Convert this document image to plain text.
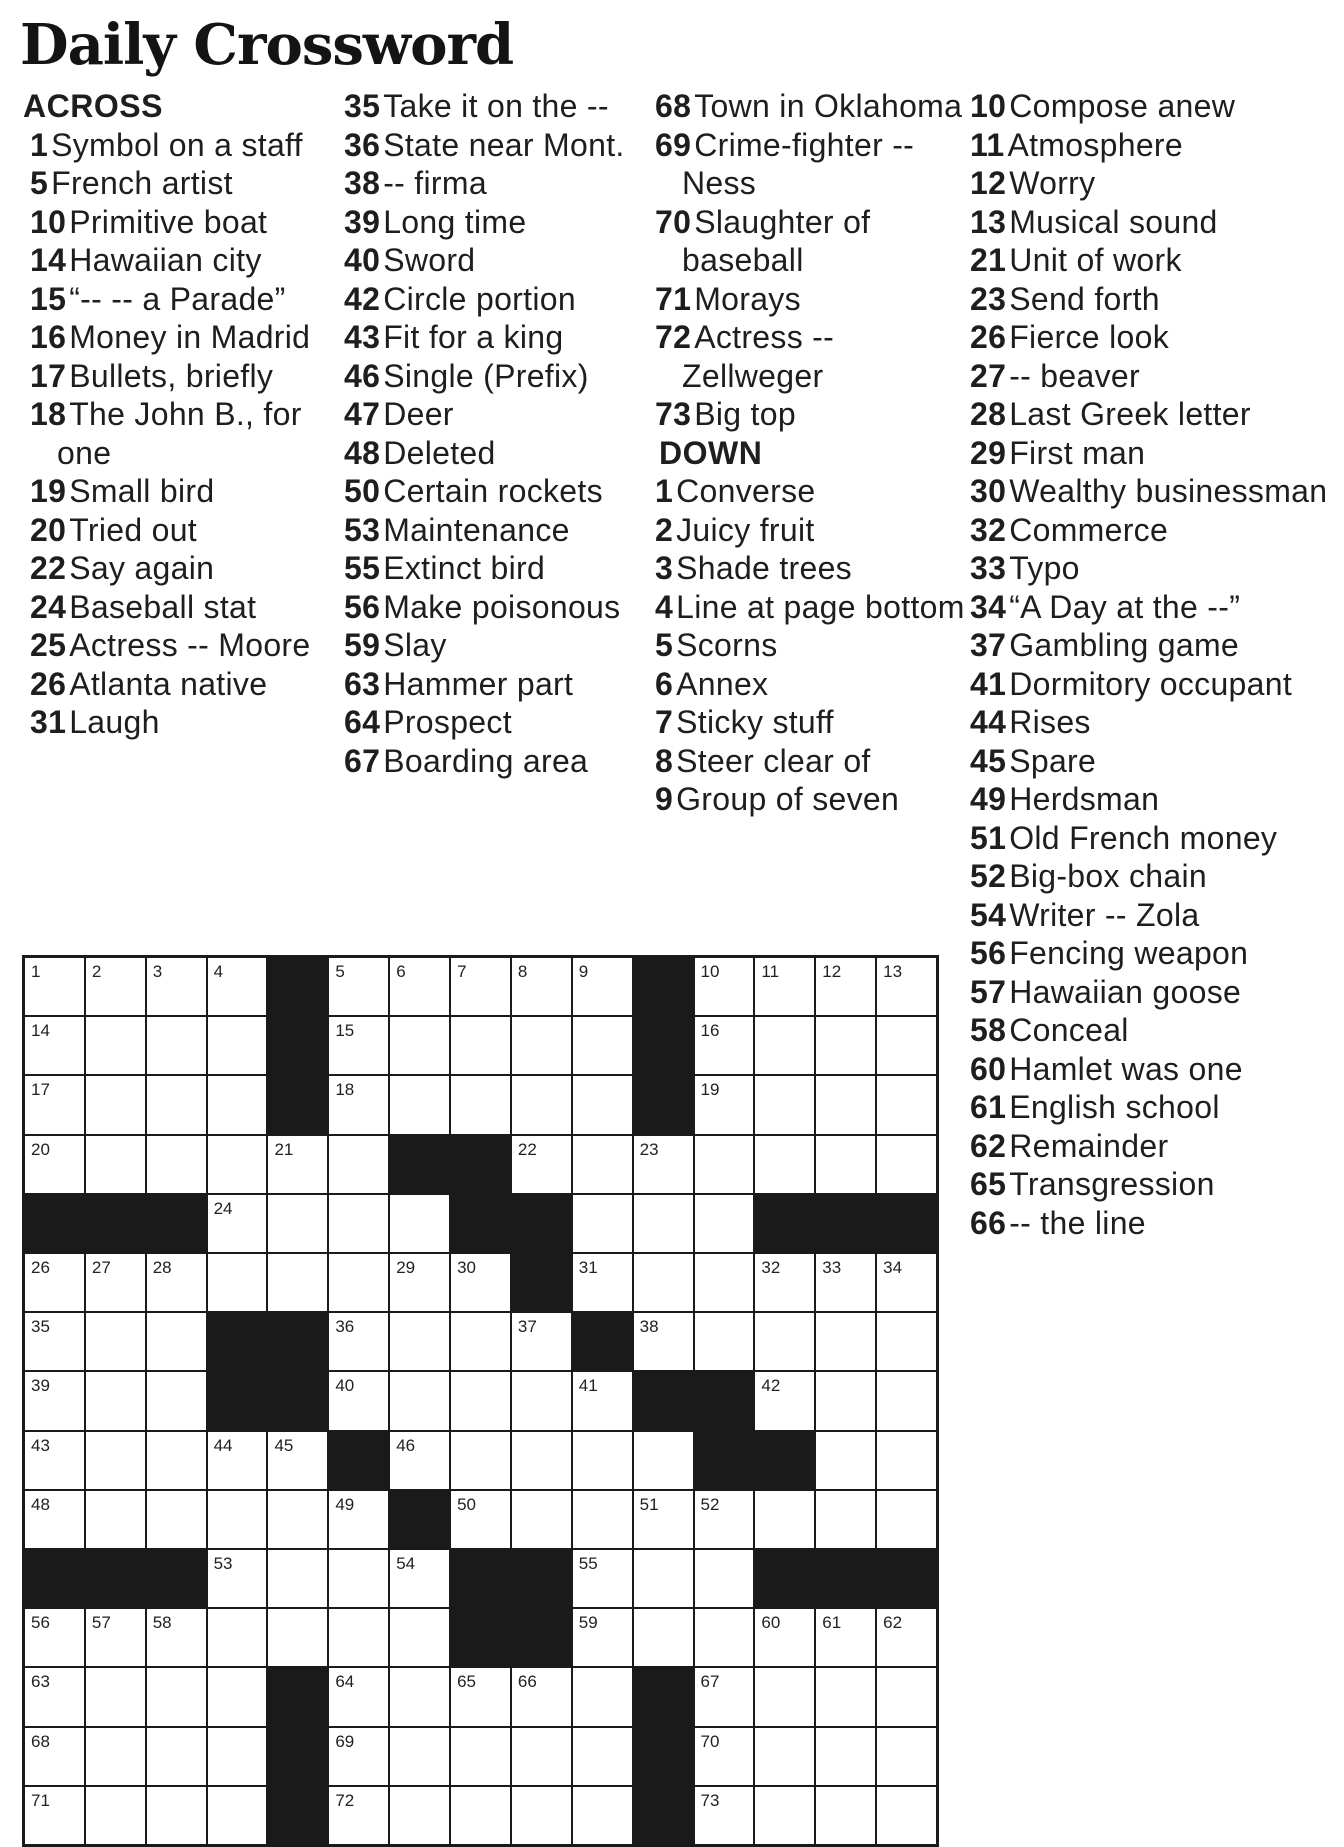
Daily Crossword
ACROSS
1Symbol on a staff
5French artist
10Primitive boat
14Hawaiian city
15“-- -- a Parade”
16Money in Madrid
17Bullets, briefly
18The John B., for one
19Small bird
20Tried out
22Say again
24Baseball stat
25Actress -- Moore
26Atlanta native
31Laugh
35Take it on the --
36State near Mont.
38-- firma
39Long time
40Sword
42Circle portion
43Fit for a king
46Single (Prefix)
47Deer
48Deleted
50Certain rockets
53Maintenance
55Extinct bird
56Make poisonous
59Slay
63Hammer part
64Prospect
67Boarding area
68Town in Oklahoma
69Crime-fighter -- Ness
70Slaughter of baseball
71Morays
72Actress -- Zellweger
73Big top
DOWN
1Converse
2Juicy fruit
3Shade trees
4Line at page bottom
5Scorns
6Annex
7Sticky stuff
8Steer clear of
9Group of seven
10Compose anew
11Atmosphere
12Worry
13Musical sound
21Unit of work
23Send forth
26Fierce look
27-- beaver
28Last Greek letter
29First man
30Wealthy businessman
32Commerce
33Typo
34“A Day at the --”
37Gambling game
41Dormitory occupant
44Rises
45Spare
49Herdsman
51Old French money
52Big-box chain
54Writer -- Zola
56Fencing weapon
57Hawaiian goose
58Conceal
60Hamlet was one
61English school
62Remainder
65Transgression
66-- the line
1	2	3	4	5	6	7	8	9	10 11	12 13
14	15	16
17	18	19
20	21	22	23
24
26 27 28	29 30	31	32 33 34
35	36	37	38
39	40	41	42
43	44 45	46
48	49	50	51 52
53	54	55
56 57 58	59	60 61 62
63	64	65 66	67
68	69	70
71	72	73
